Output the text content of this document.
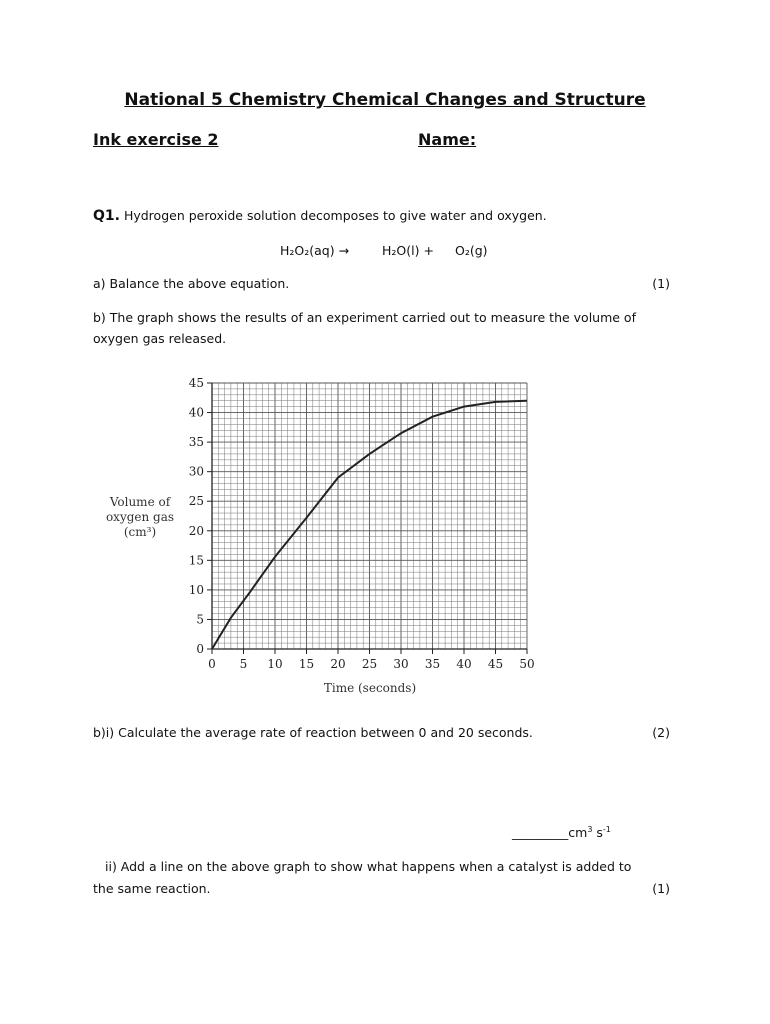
National 5 Chemistry Chemical Changes and Structure
Ink exercise 2	Name:
Q1. Hydrogen peroxide solution decomposes to give water and oxygen.
H₂O₂(aq) →	H₂O(l) + O₂(g)
a) Balance the above equation.	(1)
b) The graph shows the results of an experiment carried out to measure the volume of
oxygen gas released.
0 5 10 15 20 25 30 35 40 45 50
0
5
10
15
20
25
30
35
40
45
Volume of
oxygen gas
(cm³)
Time (seconds)
b)i) Calculate the average rate of reaction between 0 and 20 seconds.	(2)
$\_\_\_\_\_\_\_\_\_cm^3$ $s^{-1}$
ii) Add a line on the above graph to show what happens when a catalyst is added to
the same reaction.	(1)
